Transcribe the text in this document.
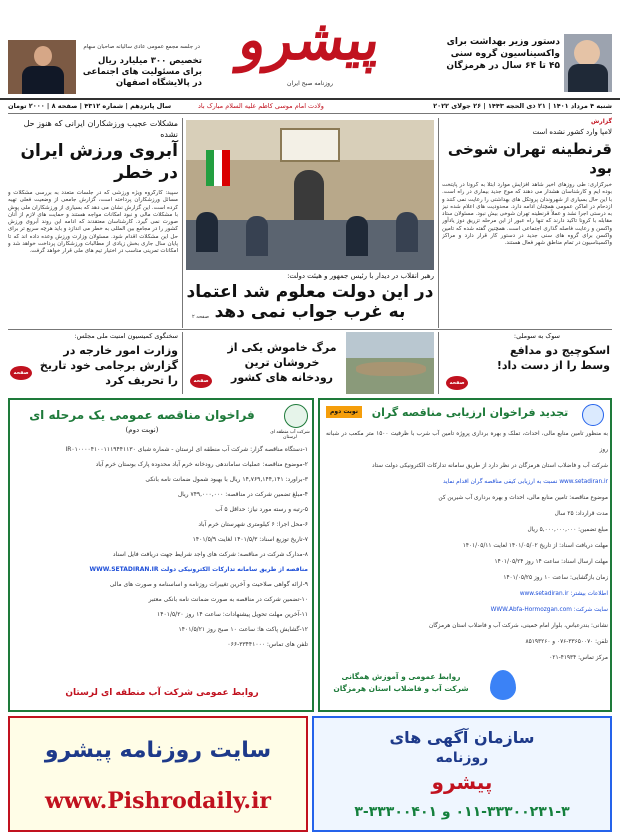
دستور وزیر بهداشت برای واکسیناسیون گروه سنی ۴۵ تا ۶۴ سال در هرمزگان
پیشرو
روزنامه صبح ایران
در جلسه مجمع عمومی عادی سالیانه صاحبان سهام
تخصیص ۳۰۰ میلیارد ریال برای مسئولیت های اجتماعی در پالایشگاه اصفهان
شنبه ۴ مرداد ۱۴۰۱ | ۲۱ ذی الحجه ۱۴۴۳ | ۲۶ جولای ۲۰۲۲
ولادت امام موسی کاظم علیه السلام مبارک باد
سال پانزدهم | شماره ۴۳۱۲ | صفحه ۸ | ۲۰۰۰ تومان
مشکلات عجیب ورزشکاران ایرانی که هنوز حل نشده
آبروی ورزش ایران در خطر
سپید: کارگروه ویژه ورزشی که در جلسات متعدد به بررسی مشکلات و مسائل ورزشکاران پرداخته است، گزارش جامعی از وضعیت فعلی تهیه کرده است. این گزارش نشان می دهد که بسیاری از ورزشکاران ملی پوش با مشکلات مالی و نبود امکانات مواجه هستند و حمایت های لازم از آنان صورت نمی گیرد. کارشناسان معتقدند که ادامه این روند آبروی ورزش کشور را در مجامع بین المللی به خطر می اندازد و باید هرچه سریع تر برای حل این مشکلات اقدام شود. مسئولان وزارت ورزش وعده داده اند که تا پایان سال جاری بخش زیادی از مطالبات ورزشکاران پرداخت خواهد شد و امکانات تمرینی مناسب در اختیار تیم های ملی قرار خواهد گرفت.
رهبر انقلاب در دیدار با رئیس جمهور و هیئت دولت:
در این دولت معلوم شد اعتماد به غرب جواب نمی دهد
صفحه ۲
گزارش
لامپا وارد کشور نشده است
قرنطینه تهران شوخی بود
خبرگزاری: طی روزهای اخیر شاهد افزایش موارد ابتلا به کرونا در پایتخت بوده ایم و کارشناسان هشدار می دهند که موج جدید بیماری در راه است. با این حال بسیاری از شهروندان پروتکل های بهداشتی را رعایت نمی کنند و ازدحام در اماکن عمومی همچنان ادامه دارد. محدودیت های اعلام شده نیز به درستی اجرا نشد و عملاً قرنطینه تهران شوخی بیش نبود. مسئولان ستاد مقابله با کرونا تاکید دارند که تنها راه عبور از این مرحله تزریق دوز یادآور واکسن و رعایت فاصله گذاری اجتماعی است. همچنین گفته شده که تامین واکسن برای گروه های سنی جدید در دستور کار قرار دارد و مراکز واکسیناسیون در تمام مناطق شهر فعال هستند.
سخنگوی کمیسیون امنیت ملی مجلس:
وزارت امور خارجه در گزارش برجامی خود تاریخ را تحریف کرد
صفحه
مرگ خاموش یکی از خروشان ترین رودخانه های کشور
صفحه
سوک به سوملی:
اسکوچیج دو مدافع وسط را از دست داد!
صفحه
شرکت آب منطقه ای لرستان
فراخوان مناقصه عمومی یک مرحله ای
(نوبت دوم)
۱-دستگاه مناقصه گزار: شرکت آب منطقه ای لرستان - شماره شبای IR۰۱۰۰۰۰۴۱۰۰۱۱۱۹۴۴۱۱۳۰
۲-موضوع مناقصه: عملیات ساماندهی رودخانه خرم آباد محدوده پارک بوستان خرم آباد
۳-براورد: ۱۴,۷۶۹,۱۴۴,۱۴۱ ریال با بهبود شمول ضمانت نامه بانکی
۴-مبلغ تضمین شرکت در مناقصه: ۷۴۹,۰۰۰,۰۰۰ ریال
۵-رتبه و رسته مورد نیاز: حداقل ۵ آب
۶-محل اجرا: ۶ کیلومتری شهرستان خرم آباد
۷-تاریخ توزیع اسناد: ۱۴۰۱/۵/۳ لغایت ۱۴۰۱/۵/۹
۸-مدارک شرکت در مناقصه: شرکت های واجد شرایط جهت دریافت فایل اسناد
مناقصه از طریق سامانه تدارکات الکترونیکی دولت WWW.SETADIRAN.IR
۹-ارائه گواهی صلاحیت و آخرین تغییرات روزنامه و اساسنامه و صورت های مالی
۱۰-تضمین شرکت در مناقصه به صورت ضمانت نامه بانکی معتبر
۱۱-آخرین مهلت تحویل پیشنهادات: ساعت ۱۴ روز ۱۴۰۱/۵/۲۰
۱۲-گشایش پاکت ها: ساعت ۱۰ صبح روز ۱۴۰۱/۵/۲۱
تلفن های تماس: ۳۳۴۴۱۰۰۰-۰۶۶
روابط عمومی شرکت آب منطقه ای لرستان
تجدید فراخوان ارزیابی مناقصه گران
نوبت دوم
به منظور تامین منابع مالی، احداث، تملک و بهره برداری پروژه تامین آب شرب با ظرفیت ۱۵۰۰ متر مکعب در شبانه روز
شرکت آب و فاضلاب استان هرمزگان در نظر دارد از طریق سامانه تدارکات الکترونیکی دولت ستاد
www.setadiran.ir نسبت به ارزیابی کیفی مناقصه گران اقدام نماید
موضوع مناقصه: تامین منابع مالی، احداث و بهره برداری آب شیرین کن
مدت قرارداد: ۲۵ سال
مبلغ تضمین: ۵,۰۰۰,۰۰۰,۰۰۰ ریال
مهلت دریافت اسناد: از تاریخ ۱۴۰۱/۰۵/۰۲ لغایت ۱۴۰۱/۰۵/۱۱
مهلت ارسال اسناد: ساعت ۱۴ روز ۱۴۰۱/۰۵/۲۴
زمان بازگشایی: ساعت ۱۰ روز ۱۴۰۱/۰۵/۲۵
اطلاعات بیشتر: www.setadiran.ir
سایت شرکت: WWW.Abfa-Hormozgan.com
نشانی: بندرعباس، بلوار امام خمینی، شرکت آب و فاضلاب استان هرمزگان
تلفن: ۳۳۶۵۰۰۷۰-۰۷۶ و ۸۵۱۹۳۲۶۰
مرکز تماس: ۴۱۹۳۴-۰۲۱
روابط عمومی و آموزش همگانی
شرکت آب و فاضلاب استان هرمزگان
سایت روزنامه پیشرو
www.Pishrodaily.ir
سازمان آگهی های
روزنامه
پیشرو
۰۱۱-۳۳۳۰۰۲۳۱-۳ و ۳۳۳۰۰۴۰۱-۳
